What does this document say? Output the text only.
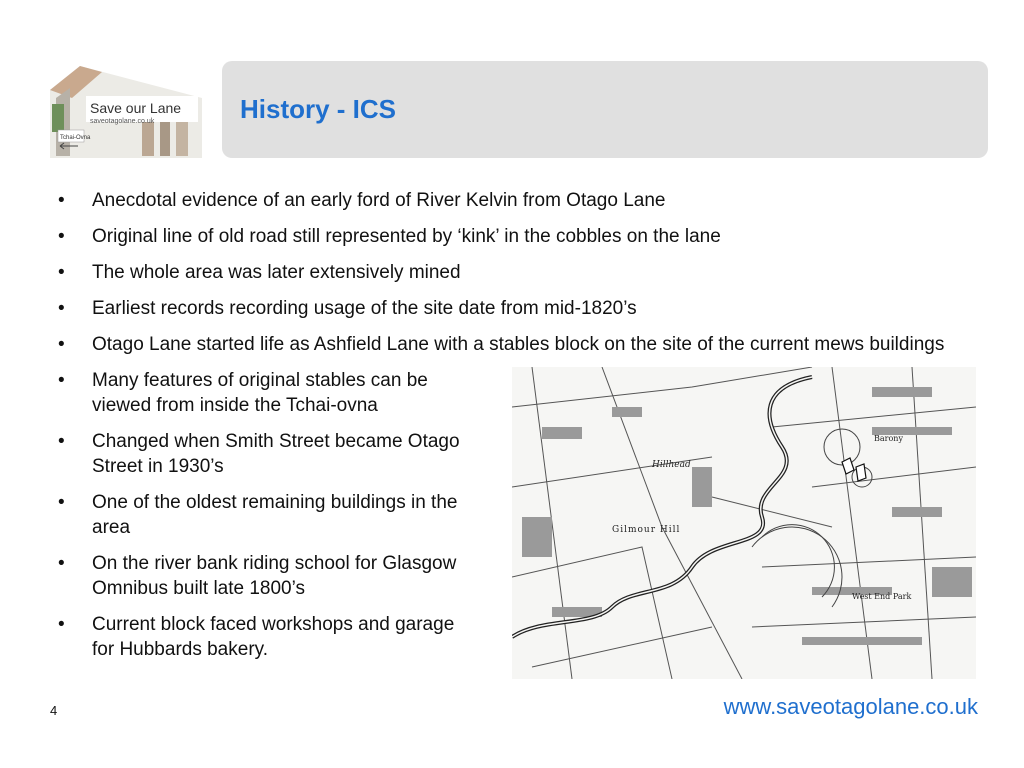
Save our Lane
saveotagolane.co.uk
Tchai-Ovna
History - ICS
• Anecdotal evidence of an early ford of River Kelvin from Otago Lane
• Original line of old road still represented by ‘kink’ in the cobbles on the lane
• The whole area was later extensively mined
• Earliest records recording usage of the site date from mid-1820’s
• Otago Lane started life as Ashfield Lane with a stables block on the site of the current mews buildings
• Many features of original stables can be viewed from inside the Tchai-ovna
• Changed when Smith Street became Otago Street in 1930’s
• One of the oldest remaining buildings in the area
• On the river bank riding school for Glasgow Omnibus built late 1800’s
• Current block faced workshops and garage for Hubbards bakery.
Hillhead
Gilmour Hill
West End Park
Barony
4	www.saveotagolane.co.uk
